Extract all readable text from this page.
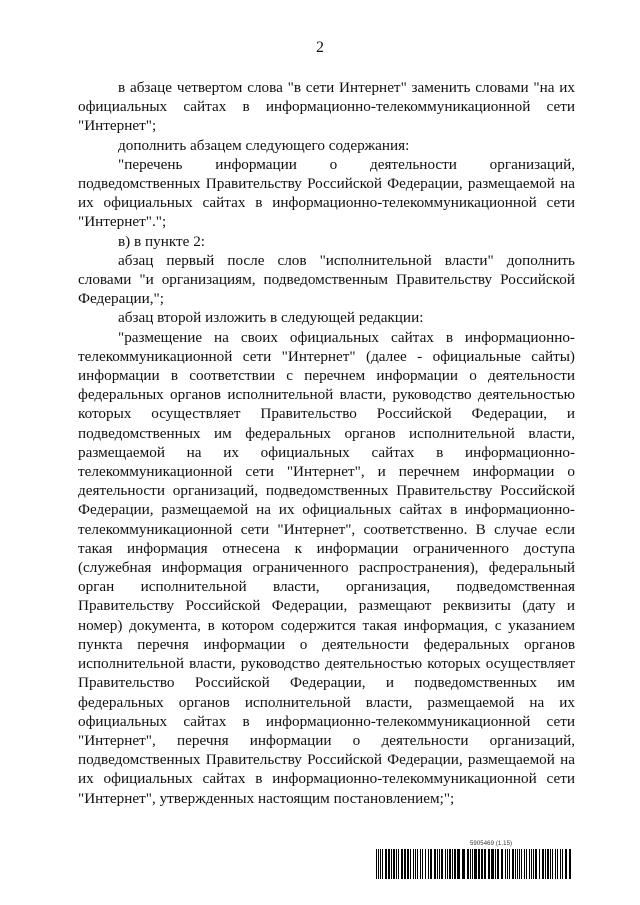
2

в абзаце четвертом слова "в сети Интернет" заменить словами "на их официальных сайтах в информационно-телекоммуникационной сети "Интернет";

дополнить абзацем следующего содержания:

"перечень информации о деятельности организаций, подведомственных Правительству Российской Федерации, размещаемой на их официальных сайтах в информационно-телекоммуникационной сети "Интернет".";

в) в пункте 2:

абзац первый после слов "исполнительной власти" дополнить словами "и организациям, подведомственным Правительству Российской Федерации,";

абзац второй изложить в следующей редакции:

"размещение на своих официальных сайтах в информационно-телекоммуникационной сети "Интернет" (далее - официальные сайты) информации в соответствии с перечнем информации о деятельности федеральных органов исполнительной власти, руководство деятельностью которых осуществляет Правительство Российской Федерации, и подведомственных им федеральных органов исполнительной власти, размещаемой на их официальных сайтах в информационно-телекоммуникационной сети "Интернет", и перечнем информации о деятельности организаций, подведомственных Правительству Российской Федерации, размещаемой на их официальных сайтах в информационно-телекоммуникационной сети "Интернет", соответственно. В случае если такая информация отнесена к информации ограниченного доступа (служебная информация ограниченного распространения), федеральный орган исполнительной власти, организация, подведомственная Правительству Российской Федерации, размещают реквизиты (дату и номер) документа, в котором содержится такая информация, с указанием пункта перечня информации о деятельности федеральных органов исполнительной власти, руководство деятельностью которых осуществляет Правительство Российской Федерации, и подведомственных им федеральных органов исполнительной власти, размещаемой на их официальных сайтах в информационно-телекоммуникационной сети "Интернет", перечня информации о деятельности организаций, подведомственных Правительству Российской Федерации, размещаемой на их официальных сайтах в информационно-телекоммуникационной сети "Интернет", утвержденных настоящим постановлением;";

5905469 (1.15)
